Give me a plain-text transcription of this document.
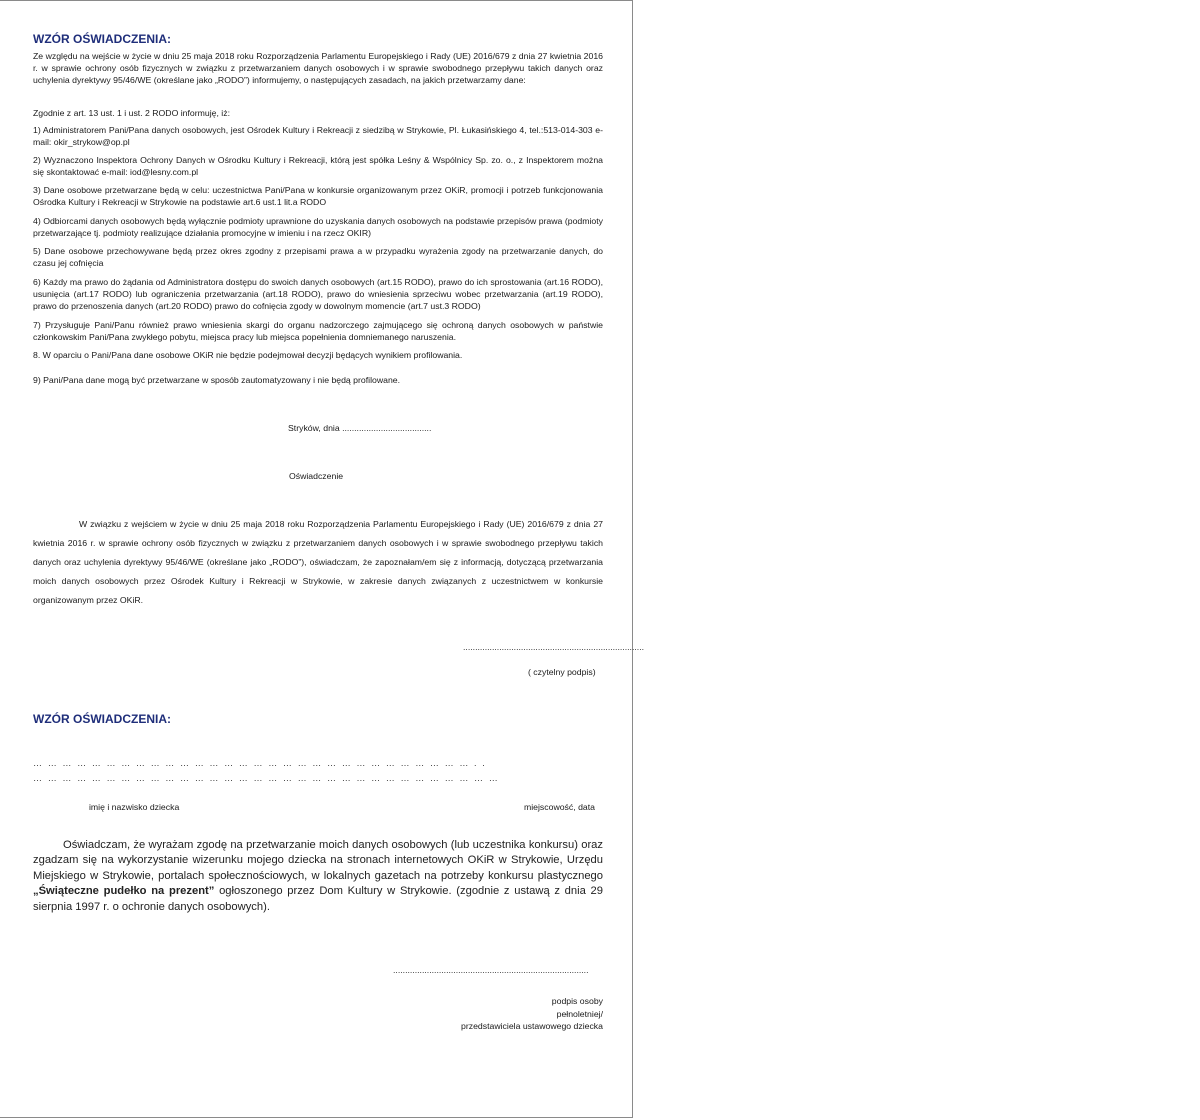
WZÓR OŚWIADCZENIA:
Ze względu na wejście w życie w dniu 25 maja 2018 roku Rozporządzenia Parlamentu Europejskiego i Rady (UE) 2016/679 z dnia 27 kwietnia 2016 r. w sprawie ochrony osób fizycznych w związku z przetwarzaniem danych osobowych i w sprawie swobodnego przepływu takich danych oraz uchylenia dyrektywy 95/46/WE (określane jako „RODO”) informujemy, o następujących zasadach, na jakich przetwarzamy dane:
Zgodnie z art. 13 ust. 1 i ust. 2 RODO informuję, iż:
1) Administratorem Pani/Pana danych osobowych, jest Ośrodek Kultury i Rekreacji z siedzibą w Strykowie, Pl. Łukasińskiego 4, tel.:513-014-303 e-mail: okir_strykow@op.pl
2) Wyznaczono Inspektora Ochrony Danych w Ośrodku Kultury i Rekreacji, którą jest spółka Leśny & Wspólnicy Sp. zo. o., z Inspektorem można się skontaktować e-mail: iod@lesny.com.pl
3) Dane osobowe przetwarzane będą w celu: uczestnictwa Pani/Pana w konkursie organizowanym przez OKiR, promocji i potrzeb funkcjonowania Ośrodka Kultury i Rekreacji w Strykowie na podstawie art.6 ust.1 lit.a RODO
4) Odbiorcami danych osobowych będą wyłącznie podmioty uprawnione do uzyskania danych osobowych na podstawie przepisów prawa (podmioty przetwarzające tj. podmioty realizujące działania promocyjne w imieniu i na rzecz OKIR)
5) Dane osobowe przechowywane będą przez okres zgodny z przepisami prawa a w przypadku wyrażenia zgody na przetwarzanie danych, do czasu jej cofnięcia
6) Każdy ma prawo do żądania od Administratora dostępu do swoich danych osobowych (art.15 RODO), prawo do ich sprostowania (art.16 RODO), usunięcia (art.17 RODO) lub ograniczenia przetwarzania (art.18 RODO), prawo do wniesienia sprzeciwu wobec przetwarzania (art.19 RODO), prawo do przenoszenia danych (art.20 RODO) prawo do cofnięcia zgody w dowolnym momencie (art.7 ust.3 RODO)
7) Przysługuje Pani/Panu również prawo wniesienia skargi do organu nadzorczego zajmującego się ochroną danych osobowych w państwie członkowskim Pani/Pana zwykłego pobytu, miejsca pracy lub miejsca popełnienia domniemanego naruszenia.
8. W oparciu o Pani/Pana dane osobowe OKiR nie będzie podejmował decyzji będących wynikiem profilowania.
9) Pani/Pana dane mogą być przetwarzane w sposób zautomatyzowany i nie będą profilowane.
Stryków, dnia .....................................
Oświadczenie
W związku z wejściem w życie w dniu 25 maja 2018 roku Rozporządzenia Parlamentu Europejskiego i Rady (UE) 2016/679 z dnia 27 kwietnia 2016 r. w sprawie ochrony osób fizycznych w związku z przetwarzaniem danych osobowych i w sprawie swobodnego przepływu takich danych oraz uchylenia dyrektywy 95/46/WE (określane jako „RODO”), oświadczam, że zapoznałam/em się z informacją, dotyczącą przetwarzania moich danych osobowych przez Ośrodek Kultury i Rekreacji w Strykowie, w zakresie danych związanych z uczestnictwem w konkursie organizowanym przez OKiR.
...........................................................................
( czytelny podpis)
WZÓR OŚWIADCZENIA:
… … … … … … … … … … … … … … … … … … … … … … … … … … … … … … . .
… … … … … … … … … … … … … … … … … … … … … … … … … … … … … … … …
imię i nazwisko dziecka	miejscowość, data
Oświadczam, że wyrażam zgodę na przetwarzanie moich danych osobowych (lub uczestnika konkursu) oraz zgadzam się na wykorzystanie wizerunku mojego dziecka na stronach internetowych OKiR w Strykowie, Urzędu Miejskiego w Strykowie, portalach społecznościowych, w lokalnych gazetach na potrzeby konkursu plastycznego „Świąteczne pudełko na prezent” ogłoszonego przez Dom Kultury w Strykowie. (zgodnie z ustawą z dnia 29 sierpnia 1997 r. o ochronie danych osobowych).
.................................................................................
podpis osoby
pełnoletniej/
przedstawiciela ustawowego dziecka
